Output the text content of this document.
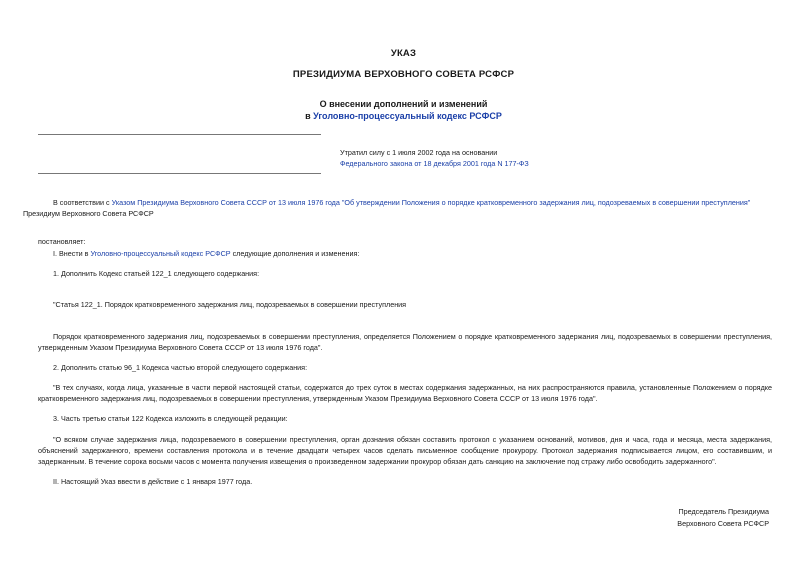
УКАЗ
ПРЕЗИДИУМА ВЕРХОВНОГО СОВЕТА РСФСР
О внесении дополнений и изменений
в Уголовно-процессуальный кодекс РСФСР
Утратил силу с 1 июля 2002 года на основании
Федерального закона от 18 декабря 2001 года N 177-ФЗ
В соответствии с Указом Президиума Верховного Совета СССР от 13 июля 1976 года "Об утверждении Положения о порядке кратковременного задержания лиц, подозреваемых в совершении преступления"
Президиум Верховного Совета РСФСР
постановляет:
I. Внести в Уголовно-процессуальный кодекс РСФСР следующие дополнения и изменения:
1. Дополнить Кодекс статьей 122_1 следующего содержания:
"Статья 122_1. Порядок кратковременного задержания лиц, подозреваемых в совершении преступления
Порядок кратковременного задержания лиц, подозреваемых в совершении преступления, определяется Положением о порядке кратковременного задержания лиц, подозреваемых в совершении преступления, утвержденным Указом Президиума Верховного Совета СССР от 13 июля 1976 года".
2. Дополнить статью 96_1 Кодекса частью второй следующего содержания:
"В тех случаях, когда лица, указанные в части первой настоящей статьи, содержатся до трех суток в местах содержания задержанных, на них распространяются правила, установленные Положением о порядке кратковременного задержания лиц, подозреваемых в совершении преступления, утвержденным Указом Президиума Верховного Совета СССР от 13 июля 1976 года".
3. Часть третью статьи 122 Кодекса изложить в следующей редакции:
"О всяком случае задержания лица, подозреваемого в совершении преступления, орган дознания обязан составить протокол с указанием оснований, мотивов, дня и часа, года и месяца, места задержания, объяснений задержанного, времени составления протокола и в течение двадцати четырех часов сделать письменное сообщение прокурору. Протокол задержания подписывается лицом, его составившим, и задержанным. В течение сорока восьми часов с момента получения извещения о произведенном задержании прокурор обязан дать санкцию на заключение под стражу либо освободить задержанного".
II. Настоящий Указ ввести в действие с 1 января 1977 года.
Председатель Президиума
Верховного Совета РСФСР
